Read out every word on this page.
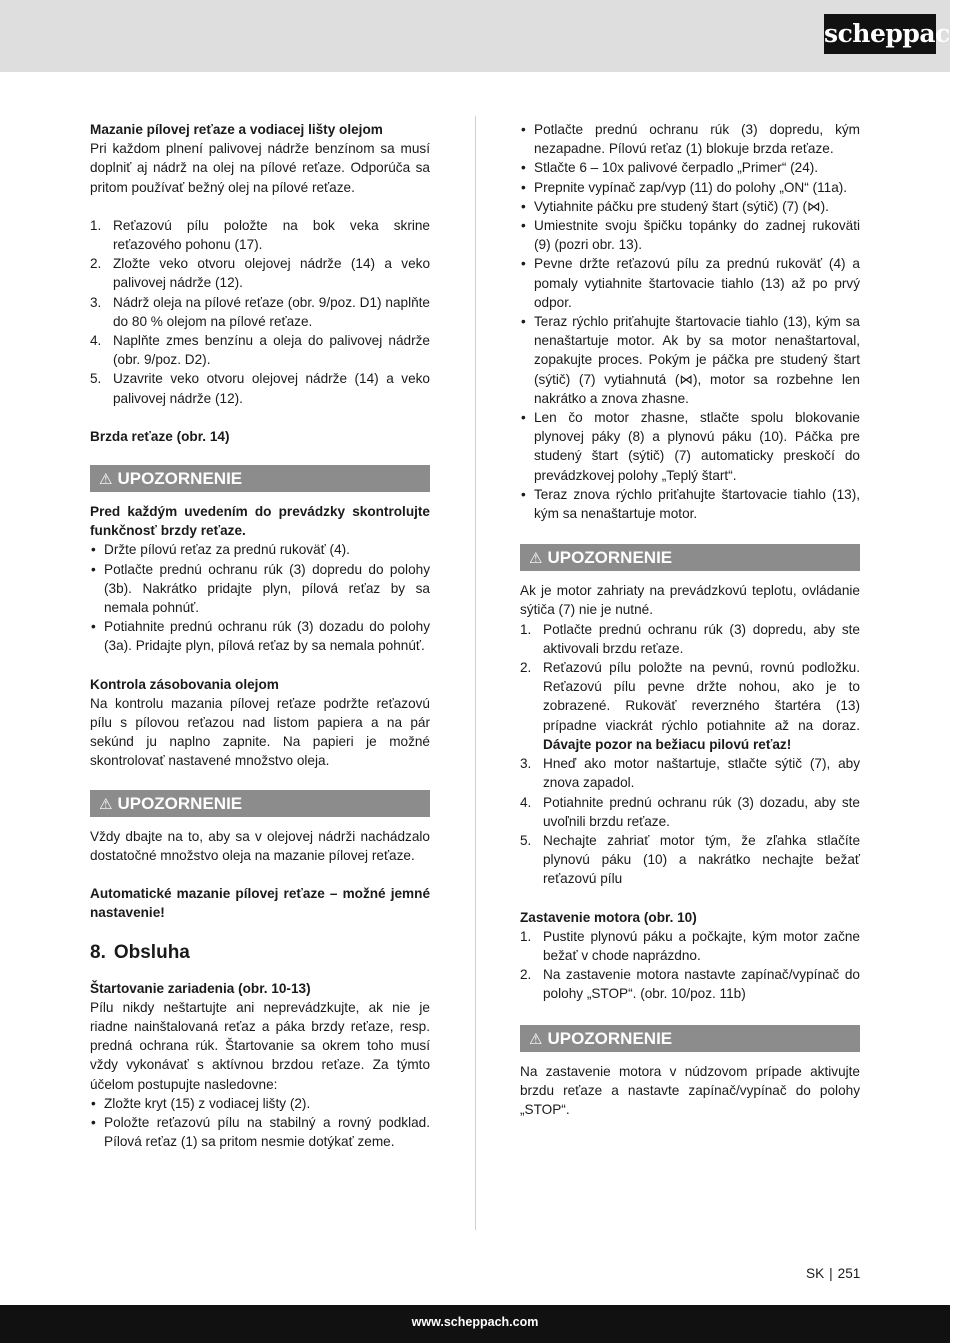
scheppach

Mazanie pílovej reťaze a vodiacej lišty olejom

Pri každom plnení palivovej nádrže benzínom sa musí doplniť aj nádrž na olej na pílové reťaze. Odporúča sa pritom používať bežný olej na pílové reťaze.

1. Reťazovú pílu položte na bok veka skrine reťazového pohonu (17).
2. Zložte veko otvoru olejovej nádrže (14) a veko palivovej nádrže (12).
3. Nádrž oleja na pílové reťaze (obr. 9/poz. D1) naplňte do 80 % olejom na pílové reťaze.
4. Naplňte zmes benzínu a oleja do palivovej nádrže (obr. 9/poz. D2).
5. Uzavrite veko otvoru olejovej nádrže (14) a veko palivovej nádrže (12).

Brzda reťaze (obr. 14)

⚠ UPOZORNENIE

Pred každým uvedením do prevádzky skontrolujte funkčnosť brzdy reťaze.

• Držte pílovú reťaz za prednú rukoväť (4).
• Potlačte prednú ochranu rúk (3) dopredu do polohy (3b). Nakrátko pridajte plyn, pílová reťaz by sa nemala pohnúť.
• Potiahnite prednú ochranu rúk (3) dozadu do polohy (3a). Pridajte plyn, pílová reťaz by sa nemala pohnúť.

Kontrola zásobovania olejom

Na kontrolu mazania pílovej reťaze podržte reťazovú pílu s pílovou reťazou nad listom papiera a na pár sekúnd ju naplno zapnite. Na papieri je možné skontrolovať nastavené množstvo oleja.

⚠ UPOZORNENIE

Vždy dbajte na to, aby sa v olejovej nádrži nachádzalo dostatočné množstvo oleja na mazanie pílovej reťaze.

Automatické mazanie pílovej reťaze – možné jemné nastavenie!

8. Obsluha

Štartovanie zariadenia (obr. 10-13)

Pílu nikdy neštartujte ani neprevádzkujte, ak nie je riadne nainštalovaná reťaz a páka brzdy reťaze, resp. predná ochrana rúk. Štartovanie sa okrem toho musí vždy vykonávať s aktívnou brzdou reťaze. Za týmto účelom postupujte nasledovne:

• Zložte kryt (15) z vodiacej lišty (2).
• Položte reťazovú pílu na stabilný a rovný podklad. Pílová reťaz (1) sa pritom nesmie dotýkať zeme.
• Potlačte prednú ochranu rúk (3) dopredu, kým nezapadne. Pílovú reťaz (1) blokuje brzda reťaze.
• Stlačte 6 – 10x palivové čerpadlo „Primer“ (24).
• Prepnite vypínač zap/vyp (11) do polohy „ON“ (11a).
• Vytiahnite páčku pre studený štart (sýtič) (7) (⋈).
• Umiestnite svoju špičku topánky do zadnej rukoväti (9) (pozri obr. 13).
• Pevne držte reťazovú pílu za prednú rukoväť (4) a pomaly vytiahnite štartovacie tiahlo (13) až po prvý odpor.
• Teraz rýchlo priťahujte štartovacie tiahlo (13), kým sa nenaštartuje motor. Ak by sa motor nenaštartoval, zopakujte proces. Pokým je páčka pre studený štart (sýtič) (7) vytiahnutá (⋈), motor sa rozbehne len nakrátko a znova zhasne.
• Len čo motor zhasne, stlačte spolu blokovanie plynovej páky (8) a plynovú páku (10). Páčka pre studený štart (sýtič) (7) automaticky preskočí do prevádzkovej polohy „Teplý štart“.
• Teraz znova rýchlo priťahujte štartovacie tiahlo (13), kým sa nenaštartuje motor.
⚠ UPOZORNENIE

Ak je motor zahriaty na prevádzkovú teplotu, ovládanie sýtiča (7) nie je nutné.

1. Potlačte prednú ochranu rúk (3) dopredu, aby ste aktivovali brzdu reťaze.
2. Reťazovú pílu položte na pevnú, rovnú podložku. Reťazovú pílu pevne držte nohou, ako je to zobrazené. Rukoväť reverzného štartéra (13) prípadne viackrát rýchlo potiahnite až na doraz. Dávajte pozor na bežiacu pilovú reťaz!
3. Hneď ako motor naštartuje, stlačte sýtič (7), aby znova zapadol.
4. Potiahnite prednú ochranu rúk (3) dozadu, aby ste uvoľnili brzdu reťaze.
5. Nechajte zahriať motor tým, že zľahka stlačíte plynovú páku (10) a nakrátko nechajte bežať reťazovú pílu

Zastavenie motora (obr. 10)

1. Pustite plynovú páku a počkajte, kým motor začne bežať v chode naprázdno.
2. Na zastavenie motora nastavte zapínač/vypínač do polohy „STOP“. (obr. 10/poz. 11b)
⚠ UPOZORNENIE

Na zastavenie motora v núdzovom prípade aktivujte brzdu reťaze a nastavte zapínač/vypínač do polohy „STOP“.

SK | 251
www.scheppach.com
